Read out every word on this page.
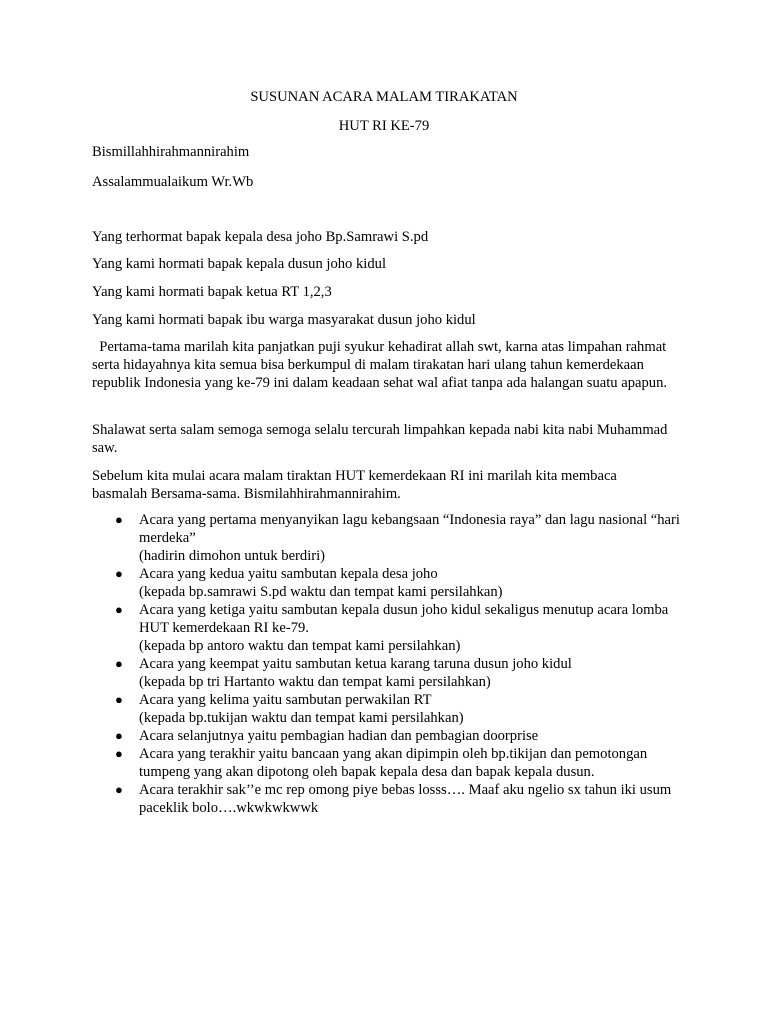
SUSUNAN ACARA MALAM TIRAKATAN
HUT RI KE-79
Bismillahhirahmannirahim
Assalammualaikum Wr.Wb
Yang terhormat bapak kepala desa joho Bp.Samrawi S.pd
Yang kami hormati bapak kepala dusun joho kidul
Yang kami hormati bapak ketua RT 1,2,3
Yang kami hormati bapak ibu warga masyarakat dusun joho kidul
Pertama-tama marilah kita panjatkan puji syukur kehadirat allah swt, karna atas limpahan rahmat serta hidayahnya kita semua bisa berkumpul di malam tirakatan hari ulang tahun kemerdekaan republik Indonesia yang ke-79 ini dalam keadaan sehat wal afiat tanpa ada halangan suatu apapun.
Shalawat serta salam semoga semoga selalu tercurah limpahkan kepada nabi kita nabi Muhammad saw.
Sebelum kita mulai acara malam tiraktan HUT kemerdekaan RI ini marilah kita membaca basmalah Bersama-sama. Bismilahhirahmannirahim.
● Acara yang pertama menyanyikan lagu kebangsaan “Indonesia raya” dan lagu nasional “hari merdeka”
(hadirin dimohon untuk berdiri)
● Acara yang kedua yaitu sambutan kepala desa joho
(kepada bp.samrawi S.pd waktu dan tempat kami persilahkan)
● Acara yang ketiga yaitu sambutan kepala dusun joho kidul sekaligus menutup acara lomba HUT kemerdekaan RI ke-79.
(kepada bp antoro waktu dan tempat kami persilahkan)
● Acara yang keempat yaitu sambutan ketua karang taruna dusun joho kidul
(kepada bp tri Hartanto waktu dan tempat kami persilahkan)
● Acara yang kelima yaitu sambutan perwakilan RT
(kepada bp.tukijan waktu dan tempat kami persilahkan)
● Acara selanjutnya yaitu pembagian hadian dan pembagian doorprise
● Acara yang terakhir yaitu bancaan yang akan dipimpin oleh bp.tikijan dan pemotongan tumpeng yang akan dipotong oleh bapak kepala desa dan bapak kepala dusun.
● Acara terakhir sak’’e mc rep omong piye bebas losss…. Maaf aku ngelio sx tahun iki usum paceklik bolo….wkwkwkwwk
